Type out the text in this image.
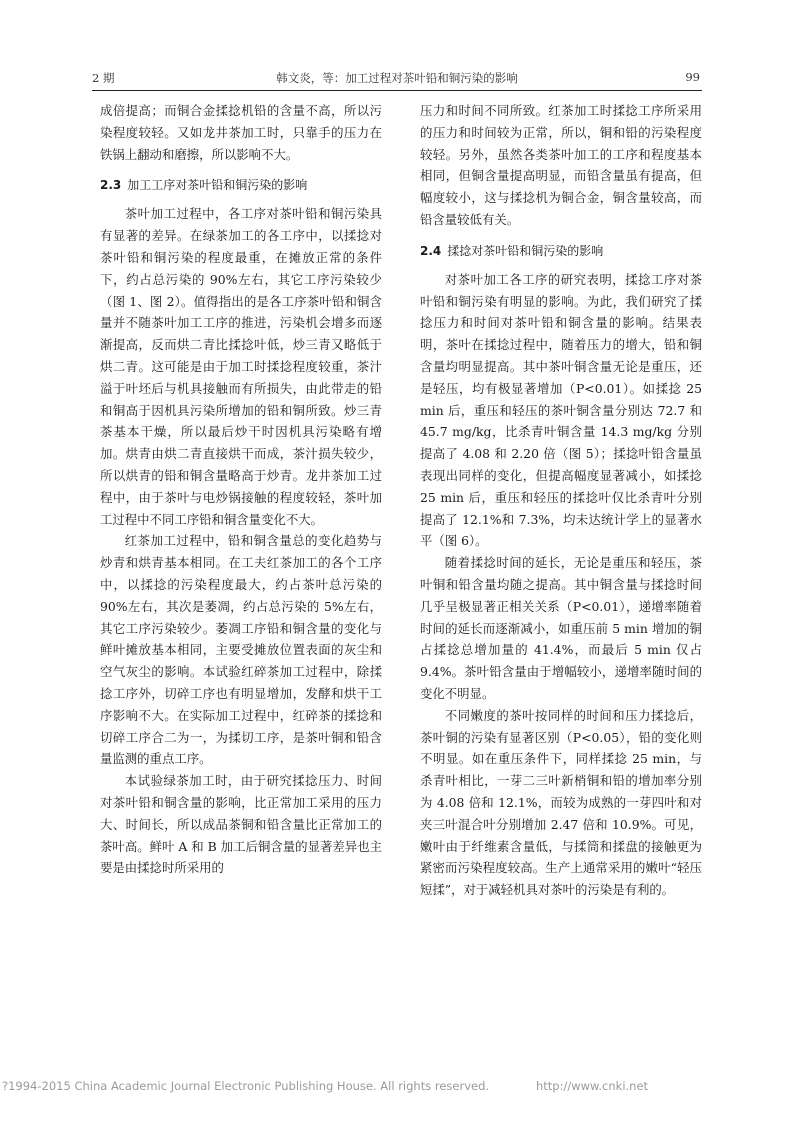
2 期	韩文炎，等：加工过程对茶叶铅和铜污染的影响	99

成倍提高；而铜合金揉捻机铅的含量不高，所以污染程度较轻。又如龙井茶加工时，只靠手的压力在铁锅上翻动和磨擦，所以影响不大。

2.3 加工工序对茶叶铅和铜污染的影响

茶叶加工过程中，各工序对茶叶铅和铜污染具有显著的差异。在绿茶加工的各工序中，以揉捻对茶叶铅和铜污染的程度最重，在摊放正常的条件下，约占总污染的 90%左右，其它工序污染较少（图 1、图 2）。值得指出的是各工序茶叶铅和铜含量并不随茶叶加工工序的推进，污染机会增多而逐渐提高，反而烘二青比揉捻叶低，炒三青又略低于烘二青。这可能是由于加工时揉捻程度较重，茶汁溢于叶坯后与机具接触而有所损失，由此带走的铅和铜高于因机具污染所增加的铅和铜所致。炒三青茶基本干燥，所以最后炒干时因机具污染略有增加。烘青由烘二青直接烘干而成，茶汁损失较少，所以烘青的铅和铜含量略高于炒青。龙井茶加工过程中，由于茶叶与电炒锅接触的程度较轻，茶叶加工过程中不同工序铅和铜含量变化不大。

红茶加工过程中，铅和铜含量总的变化趋势与炒青和烘青基本相同。在工夫红茶加工的各个工序中，以揉捻的污染程度最大，约占茶叶总污染的 90%左右，其次是萎凋，约占总污染的 5%左右，其它工序污染较少。萎凋工序铅和铜含量的变化与鲜叶摊放基本相同，主要受摊放位置表面的灰尘和空气灰尘的影响。本试验红碎茶加工过程中，除揉捻工序外，切碎工序也有明显增加，发酵和烘干工序影响不大。在实际加工过程中，红碎茶的揉捻和切碎工序合二为一，为揉切工序，是茶叶铜和铅含量监测的重点工序。

本试验绿茶加工时，由于研究揉捻压力、时间对茶叶铅和铜含量的影响，比正常加工采用的压力大、时间长，所以成品茶铜和铅含量比正常加工的茶叶高。鲜叶 A 和 B 加工后铜含量的显著差异也主要是由揉捻时所采用的

压力和时间不同所致。红茶加工时揉捻工序所采用的压力和时间较为正常，所以，铜和铅的污染程度较轻。另外，虽然各类茶叶加工的工序和程度基本相同，但铜含量提高明显，而铅含量虽有提高，但幅度较小，这与揉捻机为铜合金，铜含量较高，而铅含量较低有关。

2.4 揉捻对茶叶铅和铜污染的影响

对茶叶加工各工序的研究表明，揉捻工序对茶叶铅和铜污染有明显的影响。为此，我们研究了揉捻压力和时间对茶叶铅和铜含量的影响。结果表明，茶叶在揉捻过程中，随着压力的增大，铅和铜含量均明显提高。其中茶叶铜含量无论是重压，还是轻压，均有极显著增加（P<0.01）。如揉捻 25 min 后，重压和轻压的茶叶铜含量分别达 72.7 和 45.7 mg/kg，比杀青叶铜含量 14.3 mg/kg 分别提高了 4.08 和 2.20 倍（图 5）；揉捻叶铅含量虽表现出同样的变化，但提高幅度显著减小，如揉捻 25 min 后，重压和轻压的揉捻叶仅比杀青叶分别提高了 12.1%和 7.3%，均未达统计学上的显著水平（图 6）。

随着揉捻时间的延长，无论是重压和轻压，茶叶铜和铅含量均随之提高。其中铜含量与揉捻时间几乎呈极显著正相关关系（P<0.01），递增率随着时间的延长而逐渐减小，如重压前 5 min 增加的铜占揉捻总增加量的 41.4%，而最后 5 min 仅占 9.4%。茶叶铅含量由于增幅较小，递增率随时间的变化不明显。

不同嫩度的茶叶按同样的时间和压力揉捻后，茶叶铜的污染有显著区别（P<0.05），铅的变化则不明显。如在重压条件下，同样揉捻 25 min，与杀青叶相比，一芽二三叶新梢铜和铅的增加率分别为 4.08 倍和 12.1%，而较为成熟的一芽四叶和对夹三叶混合叶分别增加 2.47 倍和 10.9%。可见，嫩叶由于纤维素含量低，与揉筒和揉盘的接触更为紧密而污染程度较高。生产上通常采用的嫩叶“轻压短揉”，对于减轻机具对茶叶的污染是有利的。

?1994-2015 China Academic Journal Electronic Publishing House. All rights reserved.	http://www.cnki.net
